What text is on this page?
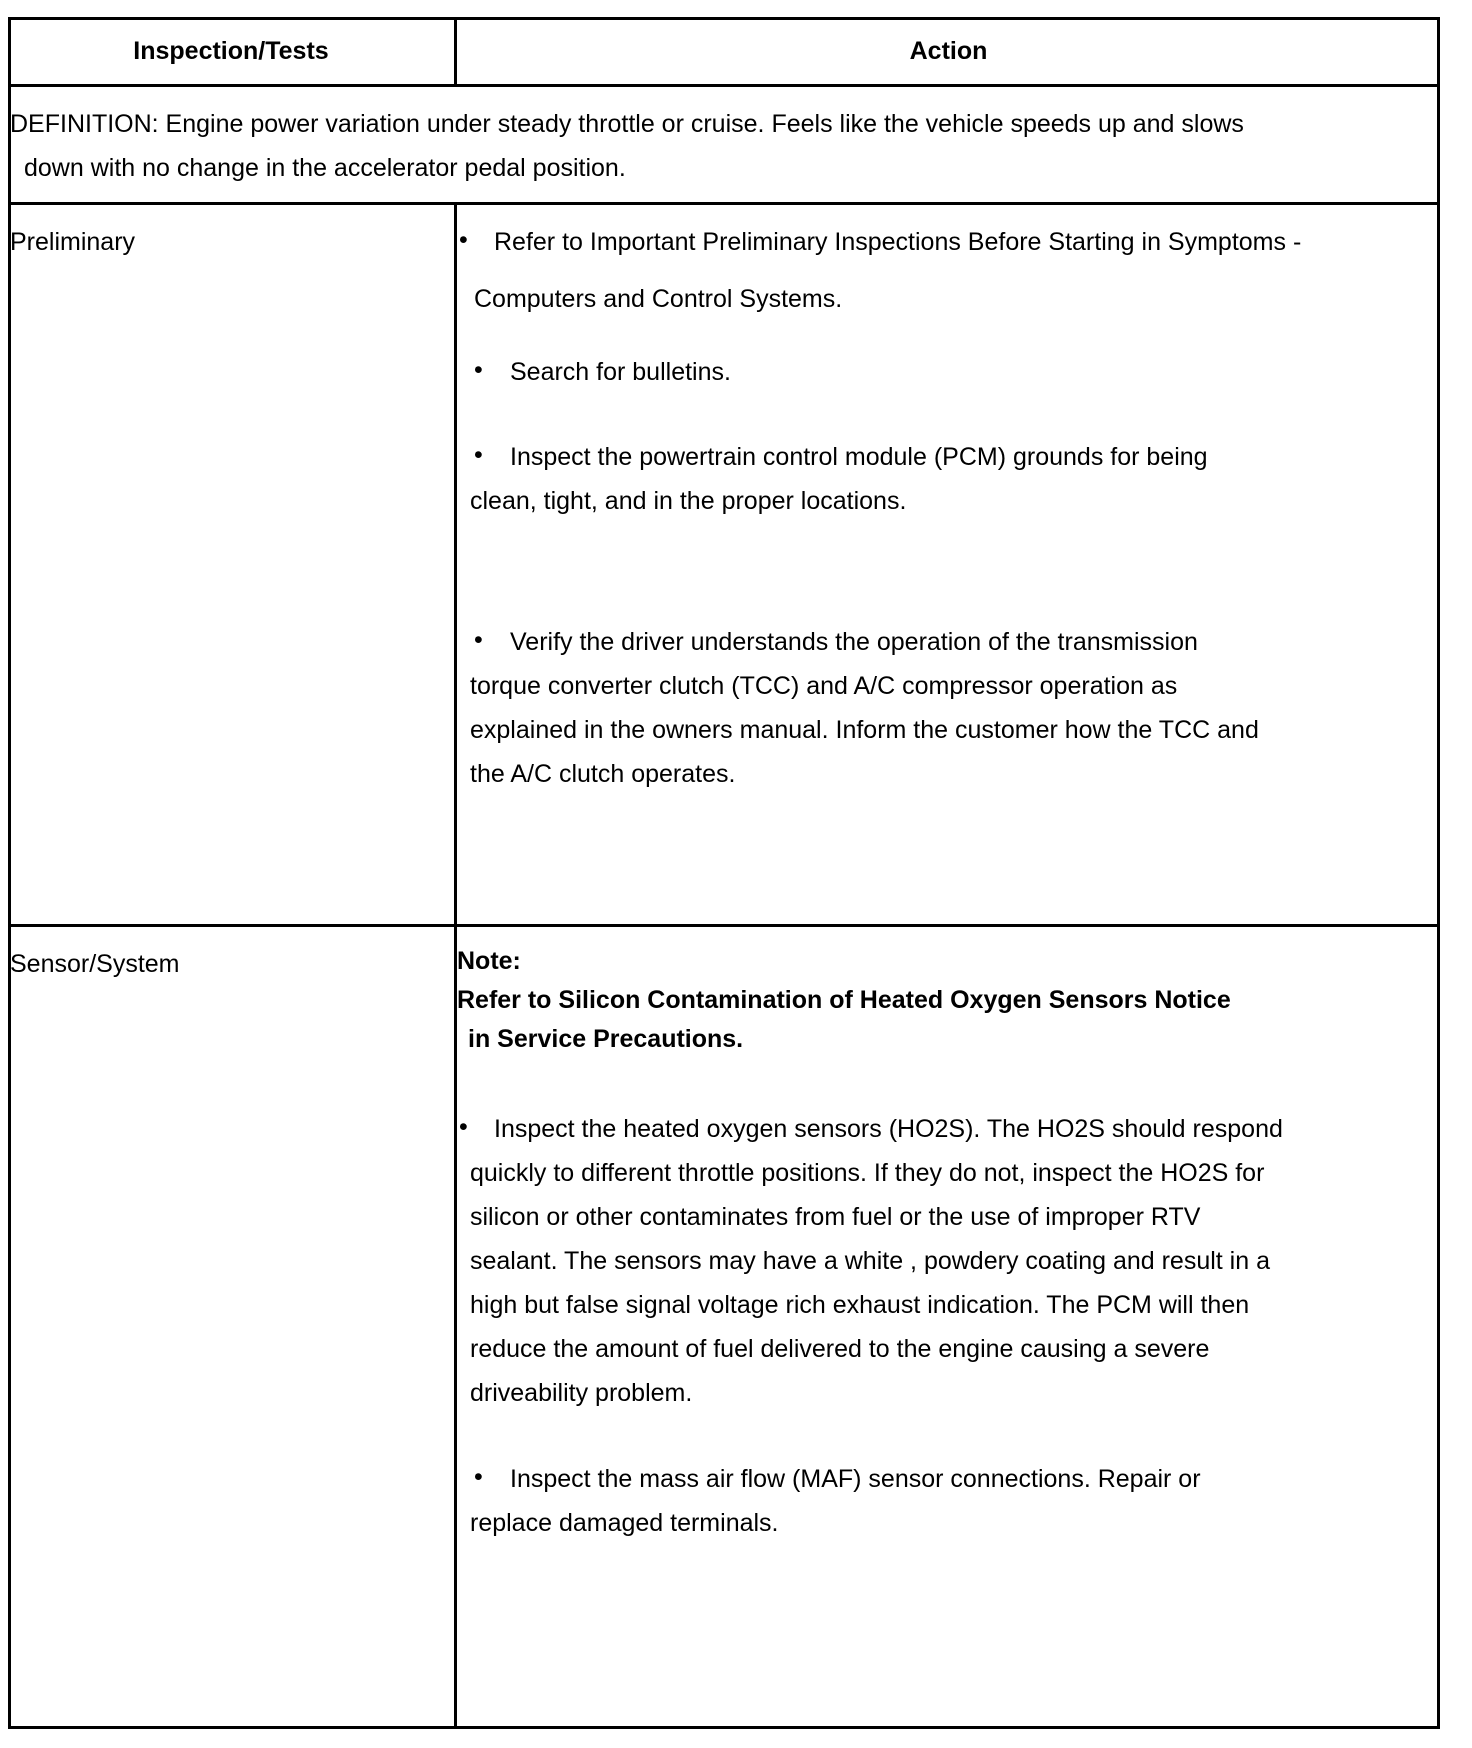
Inspection/Tests	Action
DEFINITION: Engine power variation under steady throttle or cruise. Feels like the vehicle speeds up and slows
down with no change in the accelerator pedal position.
Preliminary	• Refer to Important Preliminary Inspections Before Starting in Symptoms -
Computers and Control Systems.
• Search for bulletins.
• Inspect the powertrain control module (PCM) grounds for being
clean, tight, and in the proper locations.
• Verify the driver understands the operation of the transmission
torque converter clutch (TCC) and A/C compressor operation as
explained in the owners manual. Inform the customer how the TCC and
the A/C clutch operates.
Sensor/System	Note:
Refer to Silicon Contamination of Heated Oxygen Sensors Notice
in Service Precautions.
• Inspect the heated oxygen sensors (HO2S). The HO2S should respond
quickly to different throttle positions. If they do not, inspect the HO2S for
silicon or other contaminates from fuel or the use of improper RTV
sealant. The sensors may have a white , powdery coating and result in a
high but false signal voltage rich exhaust indication. The PCM will then
reduce the amount of fuel delivered to the engine causing a severe
driveability problem.
• Inspect the mass air flow (MAF) sensor connections. Repair or
replace damaged terminals.
